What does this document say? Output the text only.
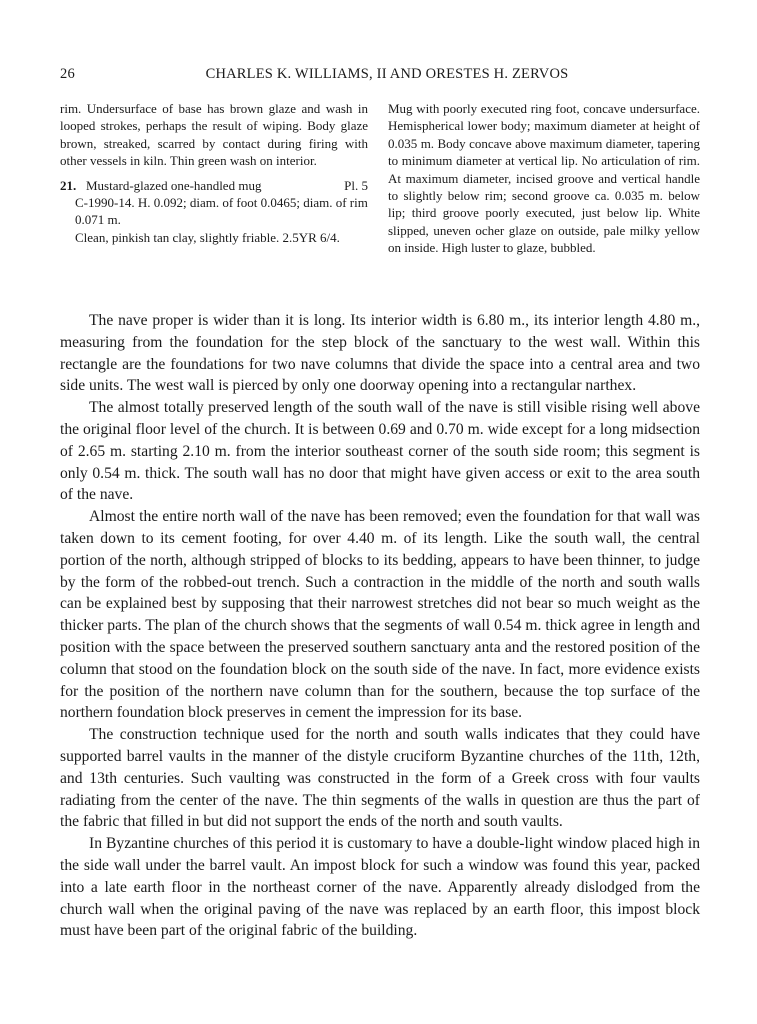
26	CHARLES K. WILLIAMS, II AND ORESTES H. ZERVOS

rim. Undersurface of base has brown glaze and wash in looped strokes, perhaps the result of wiping. Body glaze brown, streaked, scarred by contact during firing with other vessels in kiln. Thin green wash on interior.

21. Mustard-glazed one-handled mug	Pl. 5

C-1990-14. H. 0.092; diam. of foot 0.0465; diam. of rim 0.071 m.

Clean, pinkish tan clay, slightly friable. 2.5YR 6/4.

Mug with poorly executed ring foot, concave undersurface. Hemispherical lower body; maximum diameter at height of 0.035 m. Body concave above maximum diameter, tapering to minimum diameter at vertical lip. No articulation of rim. At maximum diameter, incised groove and vertical handle to slightly below rim; second groove ca. 0.035 m. below lip; third groove poorly executed, just below lip. White slipped, uneven ocher glaze on outside, pale milky yellow on inside. High luster to glaze, bubbled.

The nave proper is wider than it is long. Its interior width is 6.80 m., its interior length 4.80 m., measuring from the foundation for the step block of the sanctuary to the west wall. Within this rectangle are the foundations for two nave columns that divide the space into a central area and two side units. The west wall is pierced by only one doorway opening into a rectangular narthex.

The almost totally preserved length of the south wall of the nave is still visible rising well above the original floor level of the church. It is between 0.69 and 0.70 m. wide except for a long midsection of 2.65 m. starting 2.10 m. from the interior southeast corner of the south side room; this segment is only 0.54 m. thick. The south wall has no door that might have given access or exit to the area south of the nave.

Almost the entire north wall of the nave has been removed; even the foundation for that wall was taken down to its cement footing, for over 4.40 m. of its length. Like the south wall, the central portion of the north, although stripped of blocks to its bedding, appears to have been thinner, to judge by the form of the robbed-out trench. Such a contraction in the middle of the north and south walls can be explained best by supposing that their narrowest stretches did not bear so much weight as the thicker parts. The plan of the church shows that the segments of wall 0.54 m. thick agree in length and position with the space between the preserved southern sanctuary anta and the restored position of the column that stood on the foundation block on the south side of the nave. In fact, more evidence exists for the position of the northern nave column than for the southern, because the top surface of the northern foundation block preserves in cement the impression for its base.

The construction technique used for the north and south walls indicates that they could have supported barrel vaults in the manner of the distyle cruciform Byzantine churches of the 11th, 12th, and 13th centuries. Such vaulting was constructed in the form of a Greek cross with four vaults radiating from the center of the nave. The thin segments of the walls in question are thus the part of the fabric that filled in but did not support the ends of the north and south vaults.

In Byzantine churches of this period it is customary to have a double-light window placed high in the side wall under the barrel vault. An impost block for such a window was found this year, packed into a late earth floor in the northeast corner of the nave. Apparently already dislodged from the church wall when the original paving of the nave was replaced by an earth floor, this impost block must have been part of the original fabric of the building.
